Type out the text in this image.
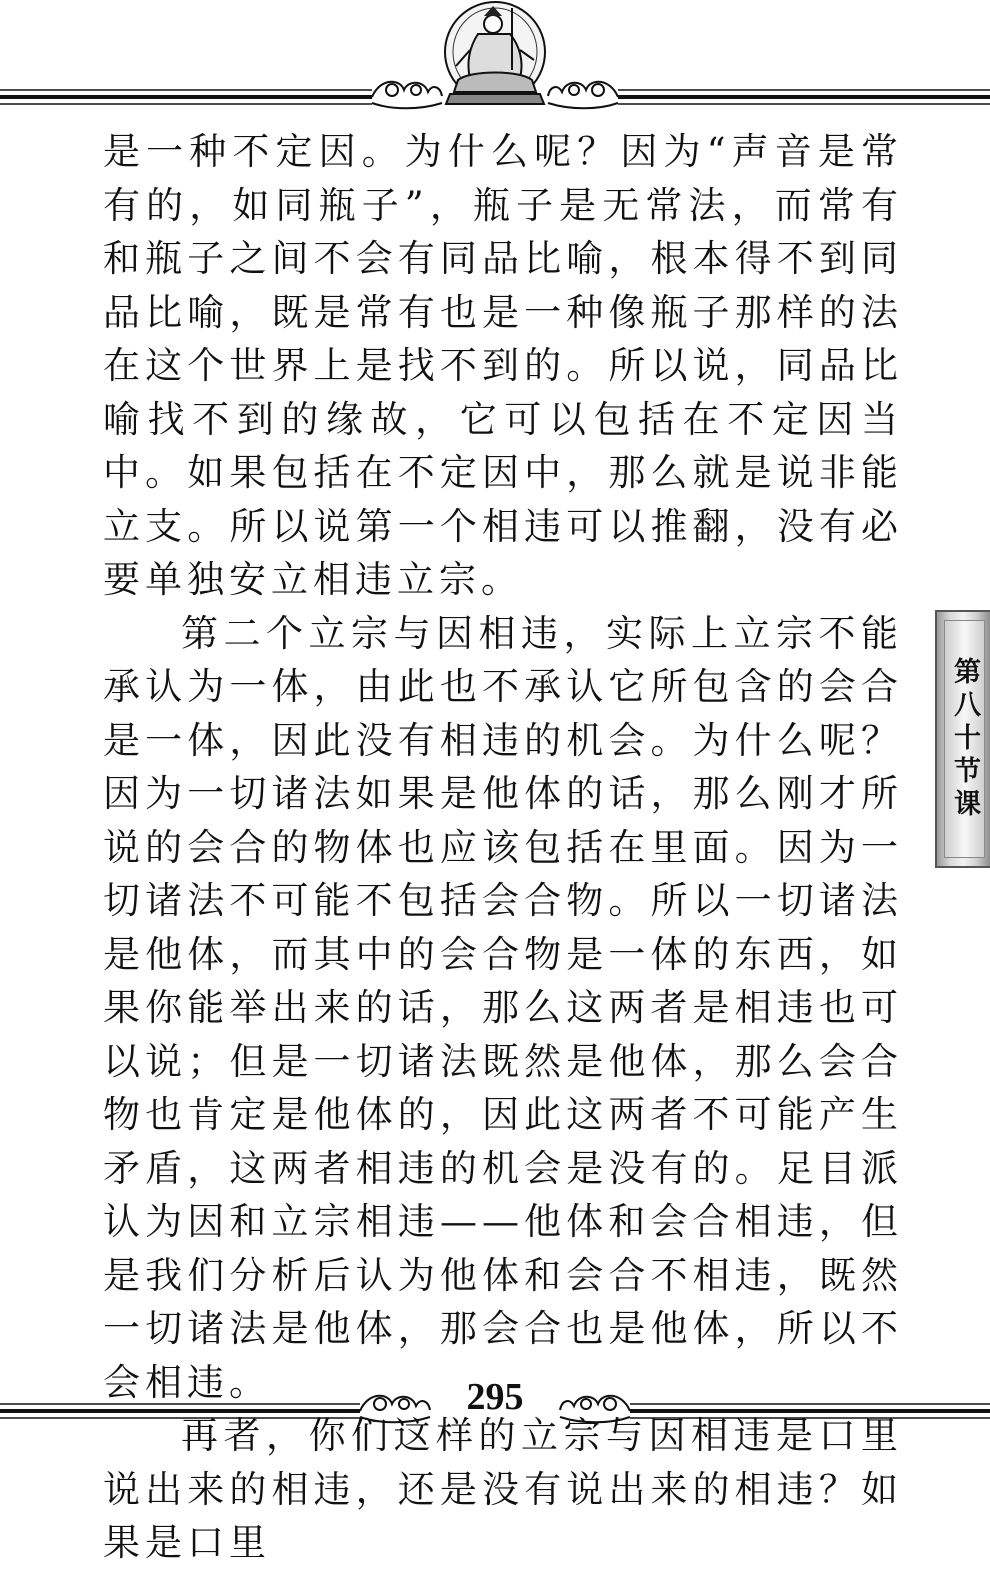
是一种不定因。为什么呢？因为“声音是常有的，如同瓶子”，瓶子是无常法，而常有和瓶子之间不会有同品比喻，根本得不到同品比喻，既是常有也是一种像瓶子那样的法在这个世界上是找不到的。所以说，同品比喻找不到的缘故，它可以包括在不定因当中。如果包括在不定因中，那么就是说非能立支。所以说第一个相违可以推翻，没有必要单独安立相违立宗。

第二个立宗与因相违，实际上立宗不能承认为一体，由此也不承认它所包含的会合是一体，因此没有相违的机会。为什么呢？因为一切诸法如果是他体的话，那么刚才所说的会合的物体也应该包括在里面。因为一切诸法不可能不包括会合物。所以一切诸法是他体，而其中的会合物是一体的东西，如果你能举出来的话，那么这两者是相违也可以说；但是一切诸法既然是他体，那么会合物也肯定是他体的，因此这两者不可能产生矛盾，这两者相违的机会是没有的。足目派认为因和立宗相违——他体和会合相违，但是我们分析后认为他体和会合不相违，既然一切诸法是他体，那会合也是他体，所以不会相违。

再者，你们这样的立宗与因相违是口里说出来的相违，还是没有说出来的相违？如果是口里

第八十节课
295
